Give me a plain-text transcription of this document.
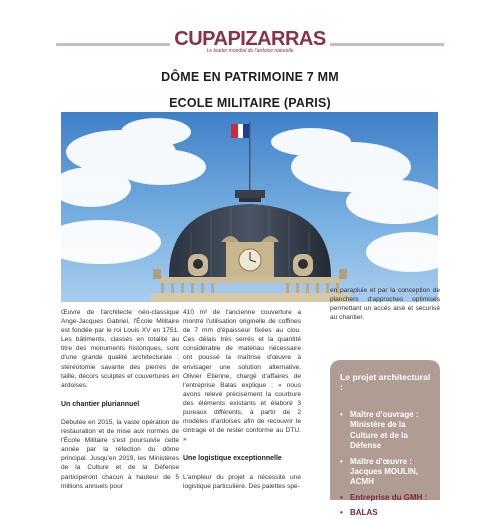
CUPAPIZARRAS
Le leader mondial de l'ardoise naturelle
DÔME EN PATRIMOINE 7 MM
ECOLE MILITAIRE (PARIS)

Œuvre de l'architecte néo-classique Ange-Jacques Gabriel, l'École Militaire est fondée par le roi Louis XV en 1751. Les bâtiments, classés en totalité au titre des monuments historiques, sont d'une grande qualité architecturale : stéréotomie savante des pierres de taille, décors sculptés et couvertures en ardoises.

Un chantier pluriannuel

Débutée en 2015, la vaste opération de restauration et de mise aux normes de l'École Militaire s'est poursuivie cette année par la réfection du dôme principal. Jusqu'en 2019, les Ministères de la Culture et de la Défense participeront chacun à hauteur de 5 millions annuels pour

410 m² de l'ancienne couverture a montré l'utilisation originelle de coffines de 7 mm d'épaisseur fixées au clou. Ces délais très serrés et la quantité considérable de matériau nécessaire ont poussé la maîtrise d'œuvre à envisager une solution alternative. Olivier Etienne, chargé d'affaires de l'entreprise Balas explique : « nous avons relevé précisément la courbure des éléments existants et élaboré 3 pureaux différents, à partir de 2 modèles d'ardoises afin de recouvrir le cintrage et de rester conforme au DTU. »

Une logistique exceptionnelle

L'ampleur du projet a nécessité une logistique particulière. Des palettes spé-

en parapluie et par la conception de planchers d'approches optimisés permettant un accès aisé et sécurisé au chantier.

Le projet architectural :
• Maître d'ouvrage : Ministère de la Culture et de la Défense
• Maître d'œuvre : Jacques MOULIN, ACMH
• Entreprise du GMH :
• BALAS
